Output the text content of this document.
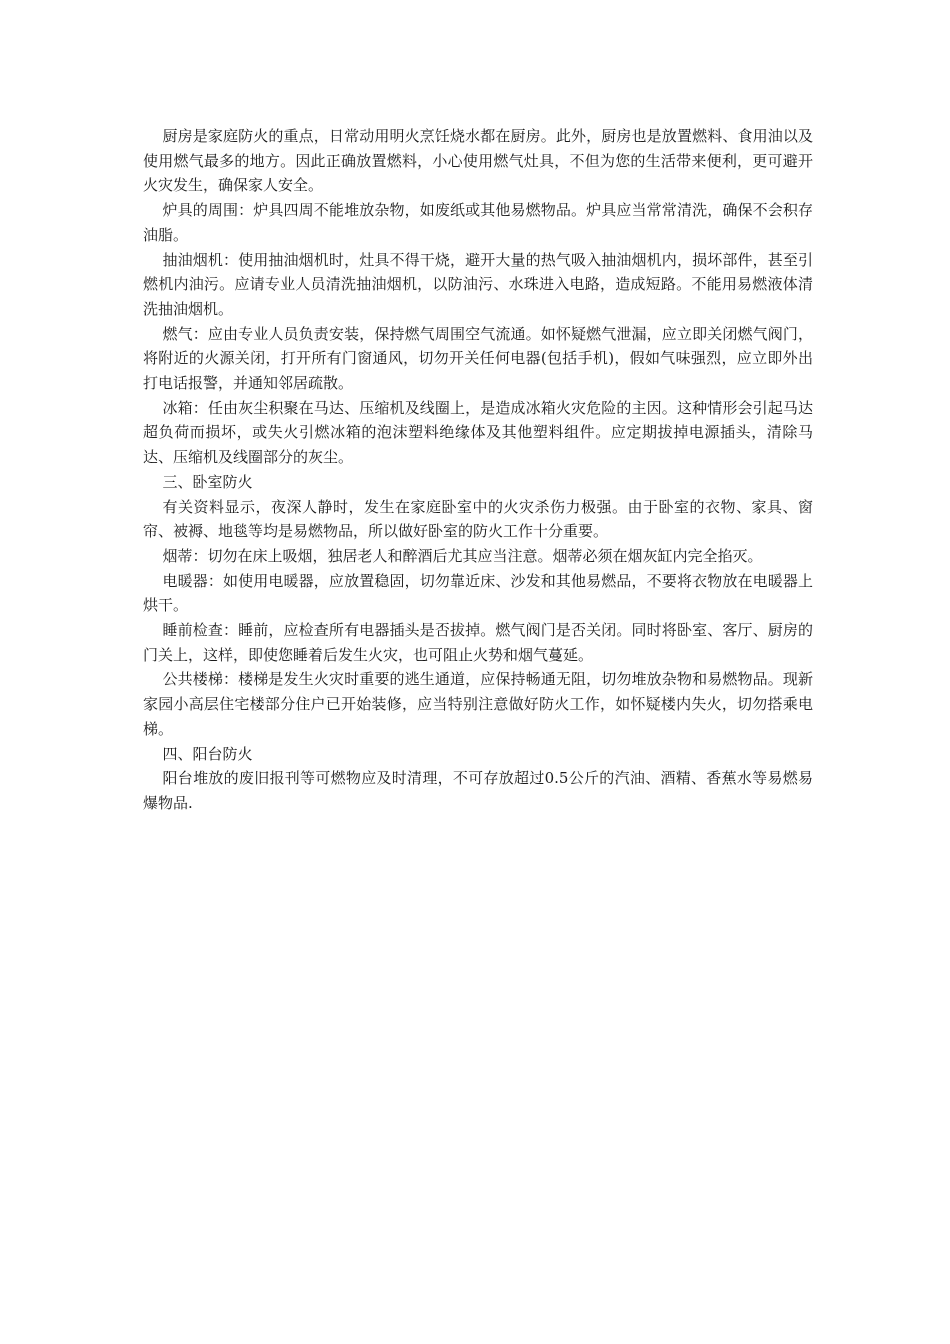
厨房是家庭防火的重点，日常动用明火烹饪烧水都在厨房。此外，厨房也是放置燃料、食用油以及使用燃气最多的地方。因此正确放置燃料，小心使用燃气灶具，不但为您的生活带来便利，更可避开火灾发生，确保家人安全。

炉具的周围：炉具四周不能堆放杂物，如废纸或其他易燃物品。炉具应当常常清洗，确保不会积存油脂。

抽油烟机：使用抽油烟机时，灶具不得干烧，避开大量的热气吸入抽油烟机内，损坏部件，甚至引燃机内油污。应请专业人员清洗抽油烟机，以防油污、水珠进入电路，造成短路。不能用易燃液体清洗抽油烟机。

燃气：应由专业人员负责安装，保持燃气周围空气流通。如怀疑燃气泄漏，应立即关闭燃气阀门，将附近的火源关闭，打开所有门窗通风，切勿开关任何电器(包括手机)，假如气味强烈，应立即外出打电话报警，并通知邻居疏散。

冰箱：任由灰尘积聚在马达、压缩机及线圈上，是造成冰箱火灾危险的主因。这种情形会引起马达超负荷而损坏，或失火引燃冰箱的泡沫塑料绝缘体及其他塑料组件。应定期拔掉电源插头，清除马达、压缩机及线圈部分的灰尘。

三、卧室防火

有关资料显示，夜深人静时，发生在家庭卧室中的火灾杀伤力极强。由于卧室的衣物、家具、窗帘、被褥、地毯等均是易燃物品，所以做好卧室的防火工作十分重要。

烟蒂：切勿在床上吸烟，独居老人和醉酒后尤其应当注意。烟蒂必须在烟灰缸内完全掐灭。

电暖器：如使用电暖器，应放置稳固，切勿靠近床、沙发和其他易燃品，不要将衣物放在电暖器上烘干。

睡前检查：睡前，应检查所有电器插头是否拔掉。燃气阀门是否关闭。同时将卧室、客厅、厨房的门关上，这样，即使您睡着后发生火灾，也可阻止火势和烟气蔓延。

公共楼梯：楼梯是发生火灾时重要的逃生通道，应保持畅通无阻，切勿堆放杂物和易燃物品。现新家园小高层住宅楼部分住户已开始装修，应当特别注意做好防火工作，如怀疑楼内失火，切勿搭乘电梯。

四、阳台防火

阳台堆放的废旧报刊等可燃物应及时清理，不可存放超过0.5公斤的汽油、酒精、香蕉水等易燃易爆物品.
